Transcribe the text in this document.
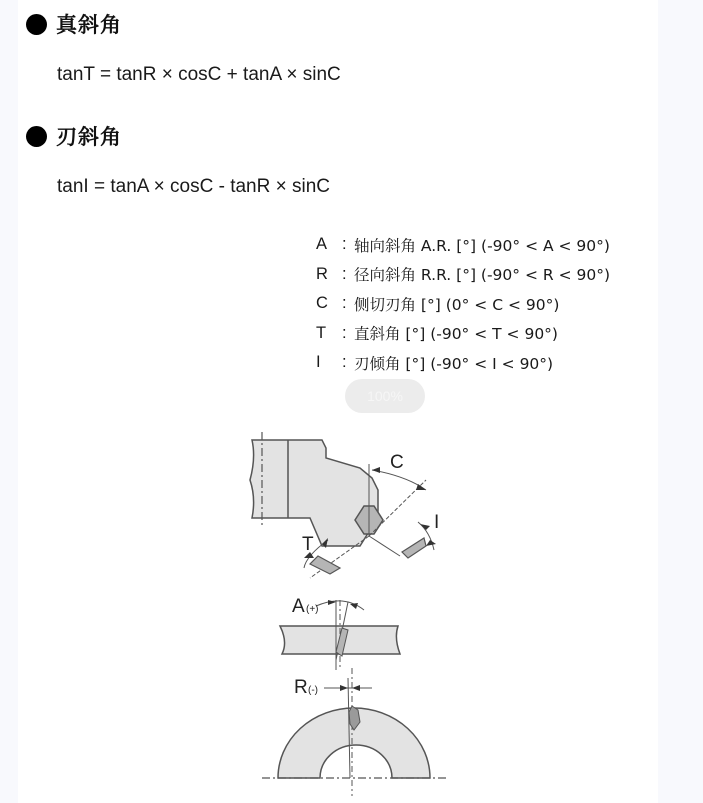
真斜角
tanT = tanR × cosC + tanA × sinC
刃斜角
tanI = tanA × cosC - tanR × sinC
A : 轴向斜角 A.R. [°] (-90° < A < 90°)
R : 径向斜角 R.R. [°] (-90° < R < 90°)
C : 侧切刃角 [°] (0° < C < 90°)
T : 直斜角 [°] (-90° < T < 90°)
I	: 刃倾角 [°] (-90° < I < 90°)
100%
C
I
T
A (+)
R (-)
